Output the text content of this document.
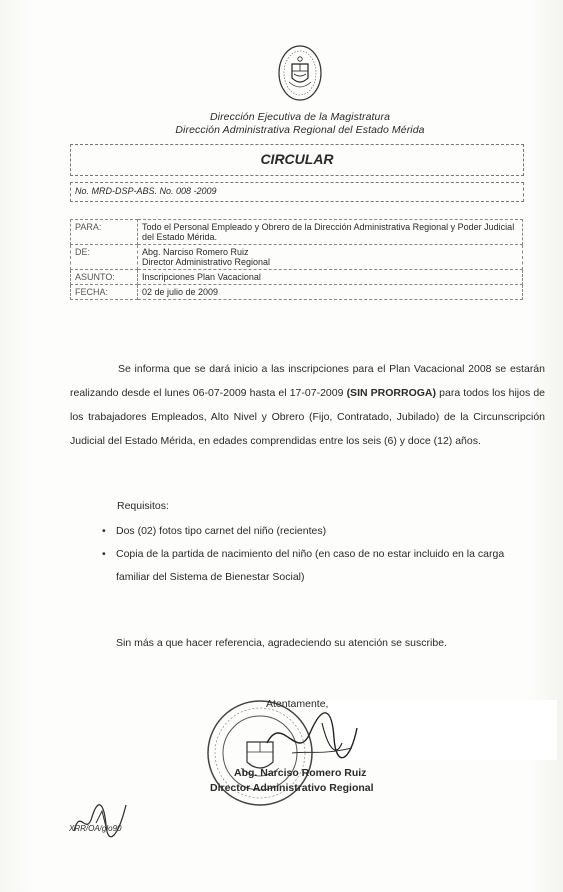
Dirección Ejecutiva de la Magistratura
Dirección Administrativa Regional del Estado Mérida
CIRCULAR
No. MRD-DSP-ABS. No. 008 -2009
PARA:	Todo el Personal Empleado y Obrero de la Dirección Administrativa Regional y Poder Judicial del Estado Mérida.
DE:	Abg. Narciso Romero Ruiz
Director Administrativo Regional

ASUNTO:	Inscripciones Plan Vacacional
FECHA:	02 de julio de 2009
Se informa que se dará inicio a las inscripciones para el Plan Vacacional 2008 se estarán realizando desde el lunes 06-07-2009 hasta el 17-07-2009 (SIN PRORROGA) para todos los hijos de los trabajadores Empleados, Alto Nivel y Obrero (Fijo, Contratado, Jubilado) de la Circunscripción Judicial del Estado Mérida, en edades comprendidas entre los seis (6) y doce (12) años.
Requisitos:
• Dos (02) fotos tipo carnet del niño (recientes)
• Copia de la partida de nacimiento del niño (en caso de no estar incluido en la carga familiar del Sistema de Bienestar Social)
Sin más a que hacer referencia, agradeciendo su atención se suscribe.
Atentamente,
Abg. Narciso Romero Ruiz
Director Administrativo Regional
XRR/OA/glo90
